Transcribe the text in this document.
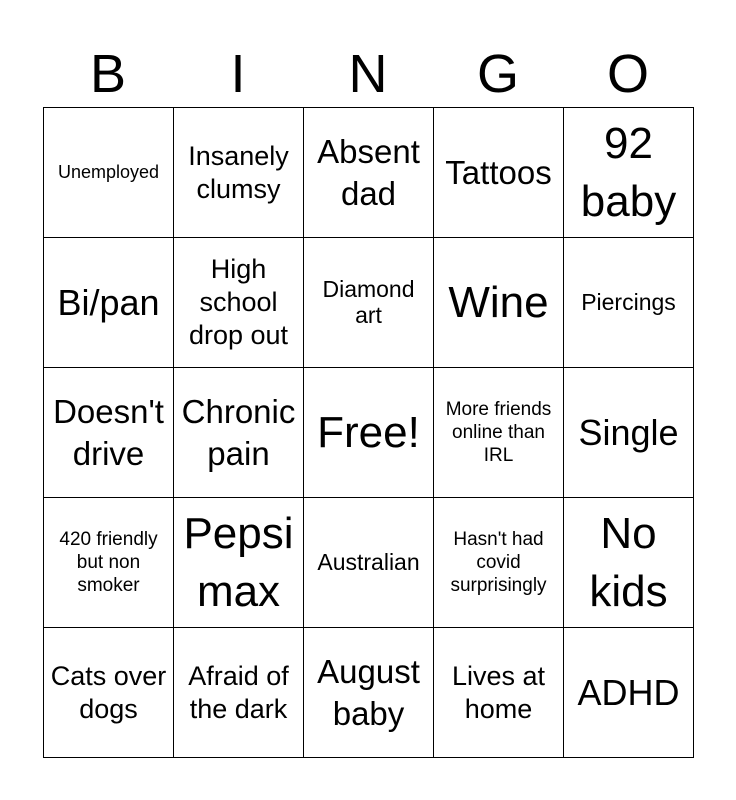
B	I	N	G	O
Unemployed	Insanely clumsy	Absent dad	Tattoos	92 baby
Bi/pan	High school drop out	Diamond art	Wine	Piercings
Doesn't drive	Chronic pain	Free!	More friends online than IRL	Single
420 friendly but non smoker	Pepsi max	Australian	Hasn't had covid surprisingly	No kids
Cats over dogs	Afraid of the dark	August baby	Lives at home	ADHD
